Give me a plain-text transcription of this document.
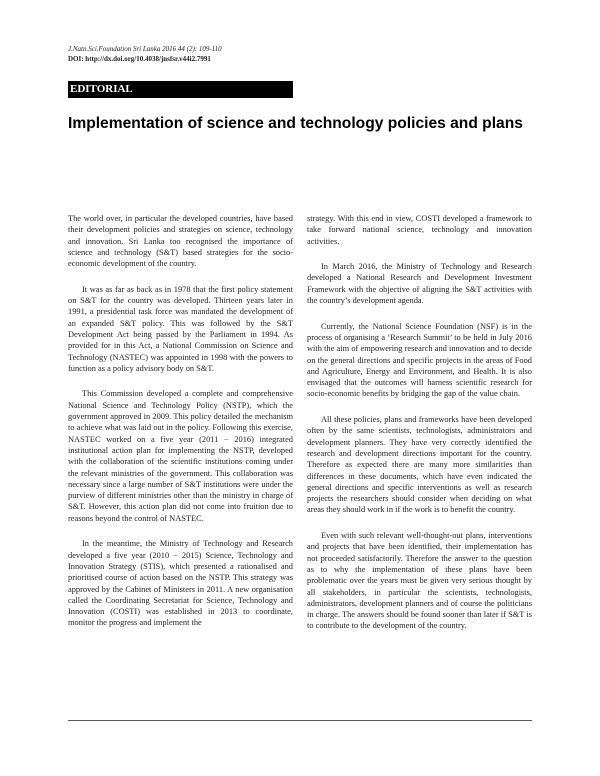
J.Natn.Sci.Foundation Sri Lanka 2016 44 (2): 109-110
DOI: http://dx.doi.org/10.4038/jnsfsr.v44i2.7991
EDITORIAL
Implementation of science and technology policies and plans

The world over, in particular the developed countries, have based their development policies and strategies on science, technology and innovation. Sri Lanka too recognised the importance of science and technology (S&T) based strategies for the socio-economic development of the country.

It was as far as back as in 1978 that the first policy statement on S&T for the country was developed. Thirteen years later in 1991, a presidential task force was mandated the development of an expanded S&T policy. This was followed by the S&T Development Act being passed by the Parliament in 1994. As provided for in this Act, a National Commission on Science and Technology (NASTEC) was appointed in 1998 with the powers to function as a policy advisory body on S&T.

This Commission developed a complete and comprehensive National Science and Technology Policy (NSTP), which the government approved in 2009. This policy detailed the mechanism to achieve what was laid out in the policy. Following this exercise, NASTEC worked on a five year (2011 − 2016) integrated institutional action plan for implementing the NSTP, developed with the collaboration of the scientific institutions coming under the relevant ministries of the government. This collaboration was necessary since a large number of S&T institutions were under the purview of different ministries other than the ministry in charge of S&T. However, this action plan did not come into fruition due to reasons beyond the control of NASTEC.

In the meantime, the Ministry of Technology and Research developed a five year (2010 − 2015) Science, Technology and Innovation Strategy (STIS), which presented a rationalised and prioritised course of action based on the NSTP. This strategy was approved by the Cabinet of Ministers in 2011. A new organisation called the Coordinating Secretariat for Science, Technology and Innovation (COSTI) was established in 2013 to coordinate, monitor the progress and implement the

strategy. With this end in view, COSTI developed a framework to take forward national science, technology and innovation activities.

In March 2016, the Ministry of Technology and Research developed a National Research and Development Investment Framework with the objective of aligning the S&T activities with the country’s development agenda.

Currently, the National Science Foundation (NSF) is in the process of organising a ‘Research Summit’ to be held in July 2016 with the aim of empowering research and innovation and to decide on the general directions and specific projects in the areas of Food and Agriculture, Energy and Environment, and Health. It is also envisaged that the outcomes will harness scientific research for socio-economic benefits by bridging the gap of the value chain.

All these policies, plans and frameworks have been developed often by the same scientists, technologists, administrators and development planners. They have very correctly identified the research and development directions important for the country. Therefore as expected there are many more similarities than differences in these documents, which have even indicated the general directions and specific interventions as well as research projects the researchers should consider when deciding on what areas they should work in if the work is to benefit the country.

Even with such relevant well-thought-out plans, interventions and projects that have been identified, their implementation has not proceeded satisfactorily. Therefore the answer to the question as to why the implementation of these plans have been problematic over the years must be given very serious thought by all stakeholders, in particular the scientists, technologists, administrators, development planners and of course the politicians in charge. The answers should be found sooner than later if S&T is to contribute to the development of the country.
